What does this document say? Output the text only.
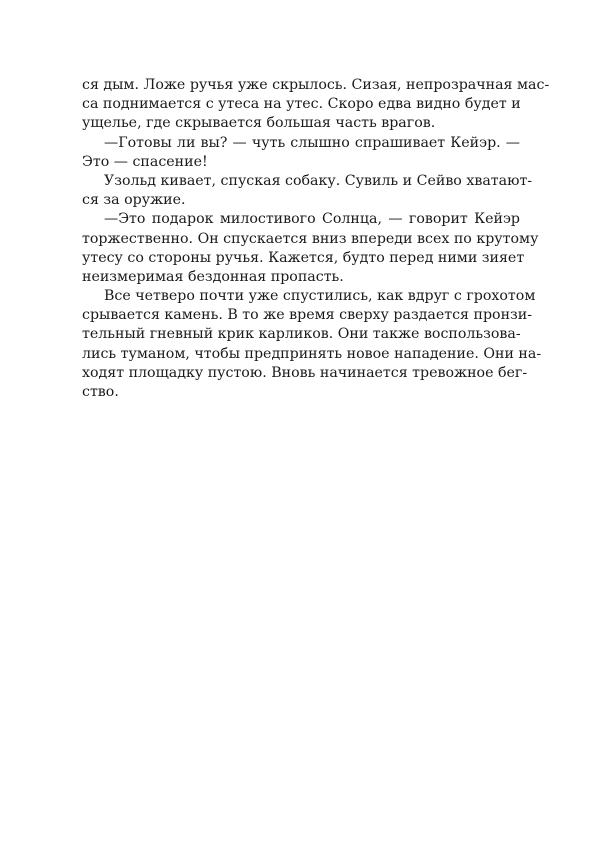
ся дым. Ложе ручья уже скрылось. Сизая, непрозрачная мас-
са поднимается с утеса на утес. Скоро едва видно будет и
ущелье, где скрывается большая часть врагов.
—Готовы ли вы? — чуть слышно спрашивает Кейэр. —
Это — спасение!
Узольд кивает, спуская собаку. Сувиль и Сейво хватают-
ся за оружие.
—Это подарок милостивого Солнца, — говорит Кейэр
торжественно. Он спускается вниз впереди всех по крутому
утесу со стороны ручья. Кажется, будто перед ними зияет
неизмеримая бездонная пропасть.
Все четверо почти уже спустились, как вдруг с грохотом
срывается камень. В то же время сверху раздается пронзи-
тельный гневный крик карликов. Они также воспользова-
лись туманом, чтобы предпринять новое нападение. Они на-
ходят площадку пустою. Вновь начинается тревожное бег-
ство.
